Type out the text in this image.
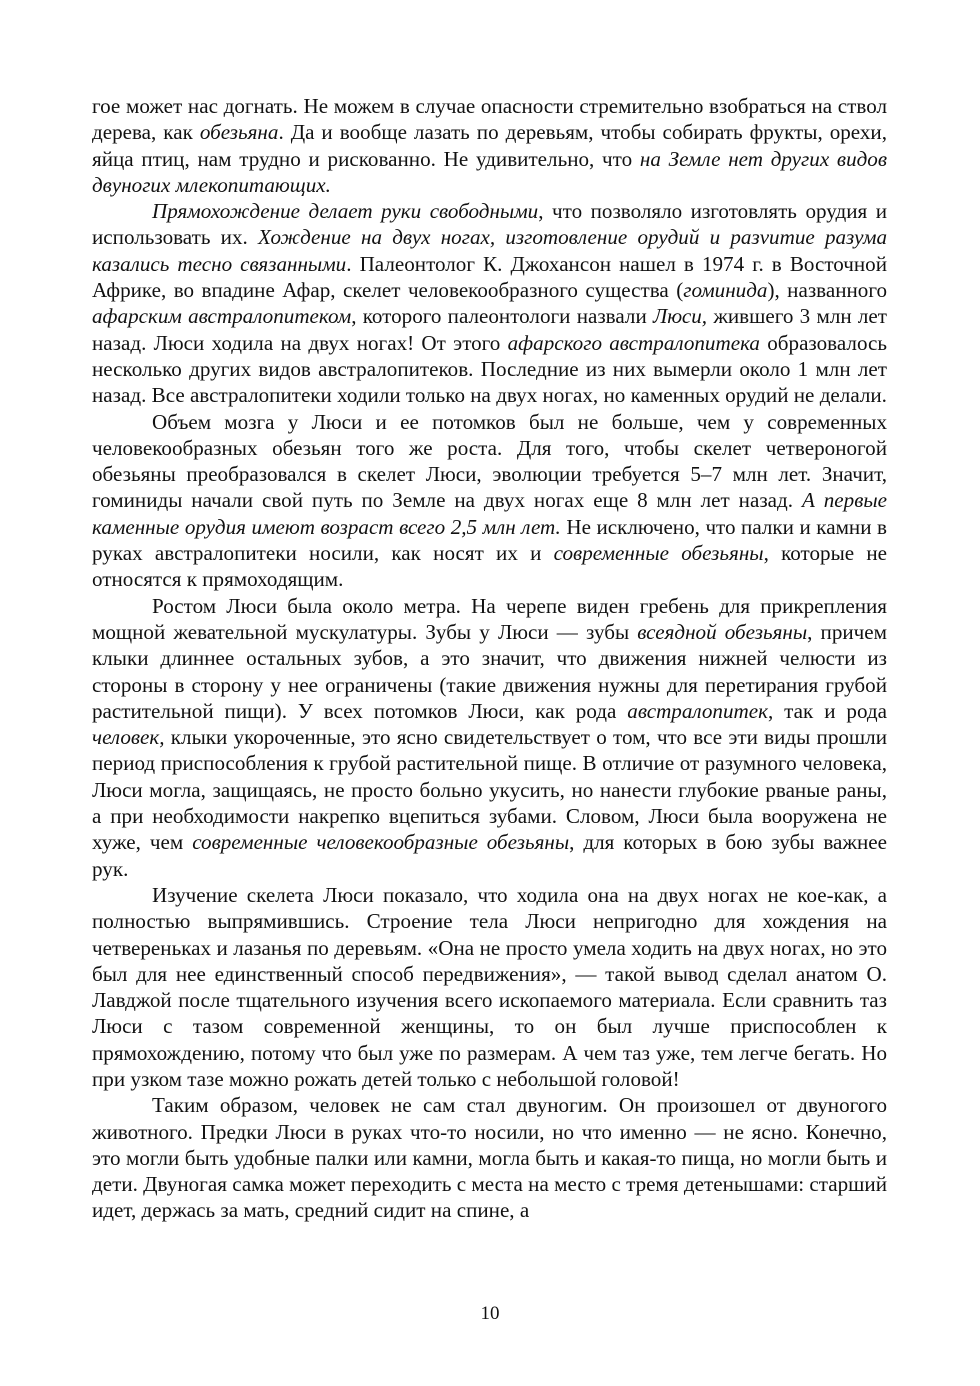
гое может нас догнать. Не можем в случае опасности стремительно взобраться на ствол дерева, как обезьяна. Да и вообще лазать по деревьям, чтобы собирать фрукты, орехи, яйца птиц, нам трудно и рискованно. Не удивительно, что на Земле нет других видов двуногих млекопитающих.

Прямохождение делает руки свободными, что позволяло изготовлять орудия и использовать их. Хождение на двух ногах, изготовление орудий и разvитие разума казались тесно связанными. Палеонтолог К. Джохансон нашел в 1974 г. в Восточной Африке, во впадине Афар, скелет человекообразного существа (гоминида), названного афарским австралопитеком, которого палеонтологи назвали Люси, жившего 3 млн лет назад. Люси ходила на двух ногах! От этого афарского австралопитека образовалось несколько других видов австралопитеков. Последние из них вымерли около 1 млн лет назад. Все австралопитеки ходили только на двух ногах, но каменных орудий не делали.

Объем мозга у Люси и ее потомков был не больше, чем у современных человекообразных обезьян того же роста. Для того, чтобы скелет четвероногой обезьяны преобразовался в скелет Люси, эволюции требуется 5–7 млн лет. Значит, гоминиды начали свой путь по Земле на двух ногах еще 8 млн лет назад. А первые каменные орудия имеют возраст всего 2,5 млн лет. Не исключено, что палки и камни в руках австралопитеки носили, как носят их и современные обезьяны, которые не относятся к прямоходящим.

Ростом Люси была около метра. На черепе виден гребень для прикрепления мощной жевательной мускулатуры. Зубы у Люси — зубы всеядной обезьяны, причем клыки длиннее остальных зубов, а это значит, что движения нижней челюсти из стороны в сторону у нее ограничены (такие движения нужны для перетирания грубой растительной пищи). У всех потомков Люси, как рода австралопитек, так и рода человек, клыки укороченные, это ясно свидетельствует о том, что все эти виды прошли период приспособления к грубой растительной пище. В отличие от разумного человека, Люси могла, защищаясь, не просто больно укусить, но нанести глубокие рваные раны, а при необходимости накрепко вцепиться зубами. Словом, Люси была вооружена не хуже, чем современные человекообразные обезьяны, для которых в бою зубы важнее рук.

Изучение скелета Люси показало, что ходила она на двух ногах не кое-как, а полностью выпрямившись. Строение тела Люси непригодно для хождения на четвереньках и лазанья по деревьям. «Она не просто умела ходить на двух ногах, но это был для нее единственный способ передвижения», — такой вывод сделал анатом О. Лавджой после тщательного изучения всего ископаемого материала. Если сравнить таз Люси с тазом современной женщины, то он был лучше приспособлен к прямохождению, потому что был уже по размерам. А чем таз уже, тем легче бегать. Но при узком тазе можно рожать детей только с небольшой головой!

Таким образом, человек не сам стал двуногим. Он произошел от двуногого животного. Предки Люси в руках что-то носили, но что именно — не ясно. Конечно, это могли быть удобные палки или камни, могла быть и какая-то пища, но могли быть и дети. Двуногая самка может переходить с места на место с тремя детенышами: старший идет, держась за мать, средний сидит на спине, а

10
